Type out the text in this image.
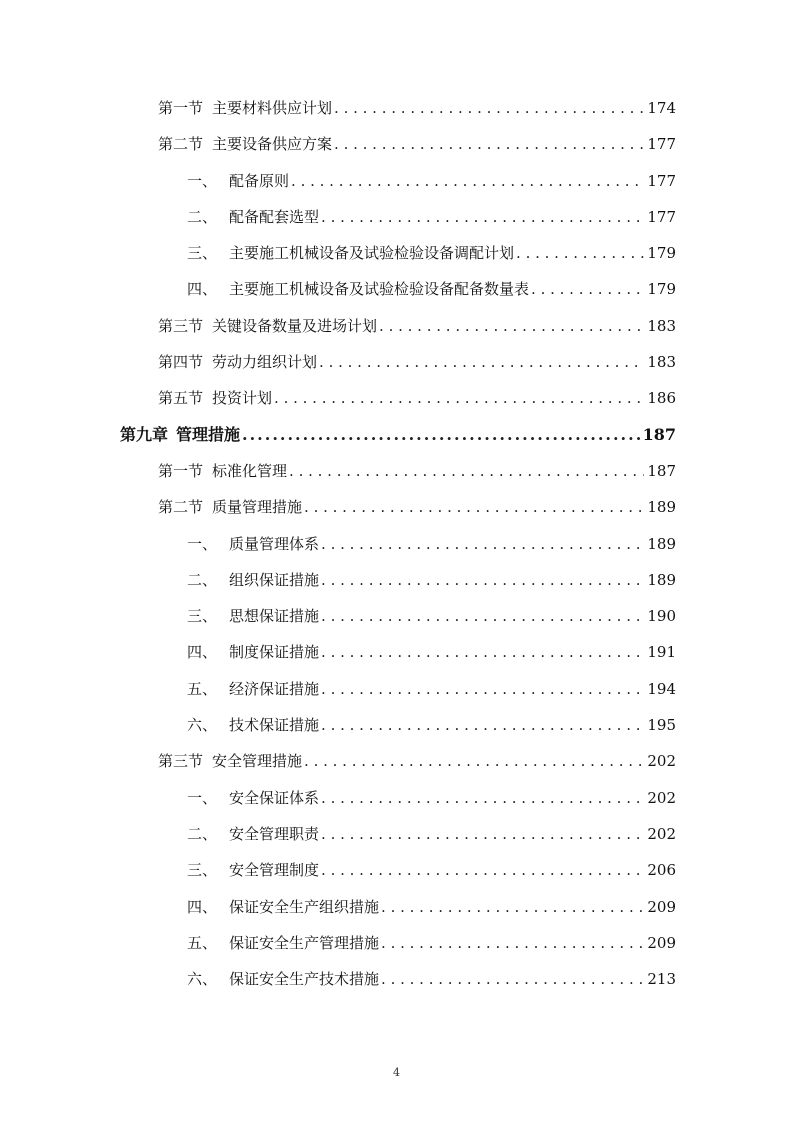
第一节 主要材料供应计划 . . .	174
第二节 主要设备供应方案 . . .	177
一、 配备原则 . . .	177
二、 配备配套选型 . . .	177
三、 主要施工机械设备及试验检验设备调配计划 . . .	179
四、 主要施工机械设备及试验检验设备配备数量表 . . .	179
第三节 关键设备数量及进场计划 . . .	183
第四节 劳动力组织计划 . . .	183
第五节 投资计划 . . .	186
第九章 管理措施 .....	187
第一节 标准化管理 . . .	187
第二节 质量管理措施 . . .	189
一、 质量管理体系 . . .	189
二、 组织保证措施 . . .	189
三、 思想保证措施 . . .	190
四、 制度保证措施 . . .	191
五、 经济保证措施 . . .	194
六、 技术保证措施 . . .	195
第三节 安全管理措施 . . .	202
一、 安全保证体系 . . .	202
二、 安全管理职责 . . .	202
三、 安全管理制度 . . .	206
四、 保证安全生产组织措施 . . .	209
五、 保证安全生产管理措施 . . .	209
六、 保证安全生产技术措施 . . .	213
4
